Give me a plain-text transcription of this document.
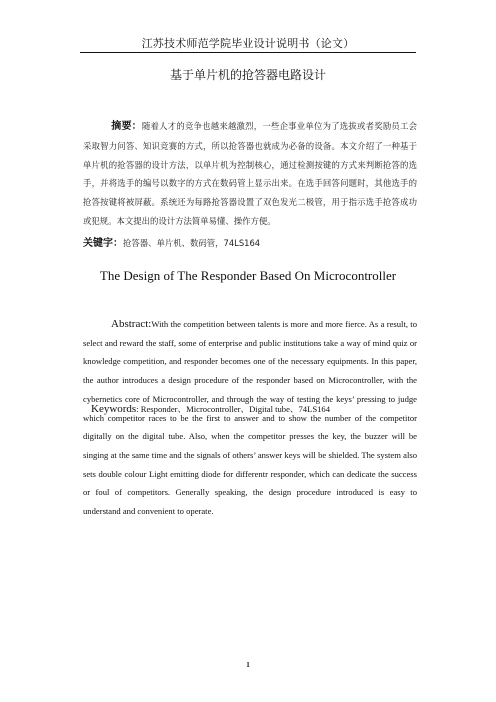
江苏技术师范学院毕业设计说明书（论文）
基于单片机的抢答器电路设计
摘要：随着人才的竞争也越来越激烈，一些企事业单位为了选拔或者奖励员工会采取智力问答、知识竞赛的方式，所以抢答器也就成为必备的设备。本文介绍了一种基于单片机的抢答器的设计方法，以单片机为控制核心，通过检测按键的方式来判断抢答的选手，并将选手的编号以数字的方式在数码管上显示出来。在选手回答问题时，其他选手的抢答按键将被屏蔽。系统还为每路抢答器设置了双色发光二极管，用于指示选手抢答成功或犯规。本文提出的设计方法简单易懂、操作方便。
关键字：抢答器、单片机、数码管，74LS164
The Design of The Responder Based On Microcontroller
Abstract:With the competition between talents is more and more fierce. As a result, to select and reward the staff, some of enterprise and public institutions take a way of mind quiz or knowledge competition, and responder becomes one of the necessary equipments. In this paper, the author introduces a design procedure of the responder based on Microcontroller, with the cybernetics core of Microcontroller, and through the way of testing the keys’ pressing to judge which competitor races to be the first to answer and to show the number of the competitor digitally on the digital tube. Also, when the competitor presses the key, the buzzer will be singing at the same time and the signals of others’ answer keys will be shielded. The system also sets double colour Light emitting diode for differentr responder, which can dedicate the success or foul of competitors. Generally speaking, the design procedure introduced is easy to understand and convenient to operate.
Keywords: Responder、Microcontroller、Digital tube、74LS164
1
